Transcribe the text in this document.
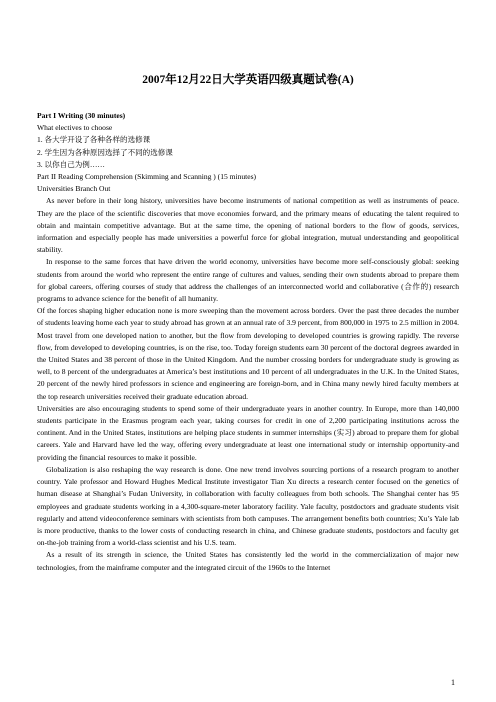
2007年12月22日大学英语四级真题试卷(A)

Part I Writing (30 minutes)

What electives to choose

1. 各大学开设了各种各样的选修课

2. 学生因为各种原因选择了不同的选修课

3. 以你自己为例……

Part II Reading Comprehension (Skimming and Scanning ) (15 minutes)

Universities Branch Out

As never before in their long history, universities have become instruments of national competition as well as instruments of peace. They are the place of the scientific discoveries that move economies forward, and the primary means of educating the talent required to obtain and maintain competitive advantage. But at the same time, the opening of national borders to the flow of goods, services, information and especially people has made universities a powerful force for global integration, mutual understanding and geopolitical stability.

In response to the same forces that have driven the world economy, universities have become more self-consciously global: seeking students from around the world who represent the entire range of cultures and values, sending their own students abroad to prepare them for global careers, offering courses of study that address the challenges of an interconnected world and collaborative (合作的) research programs to advance science for the benefit of all humanity.

Of the forces shaping higher education none is more sweeping than the movement across borders. Over the past three decades the number of students leaving home each year to study abroad has grown at an annual rate of 3.9 percent, from 800,000 in 1975 to 2.5 million in 2004. Most travel from one developed nation to another, but the flow from developing to developed countries is growing rapidly. The reverse flow, from developed to developing countries, is on the rise, too. Today foreign students earn 30 percent of the doctoral degrees awarded in the United States and 38 percent of those in the United Kingdom. And the number crossing borders for undergraduate study is growing as well, to 8 percent of the undergraduates at America’s best institutions and 10 percent of all undergraduates in the U.K. In the United States, 20 percent of the newly hired professors in science and engineering are foreign-born, and in China many newly hired faculty members at the top research universities received their graduate education abroad.

Universities are also encouraging students to spend some of their undergraduate years in another country. In Europe, more than 140,000 students participate in the Erasmus program each year, taking courses for credit in one of 2,200 participating institutions across the continent. And in the United States, institutions are helping place students in summer internships (实习) abroad to prepare them for global careers. Yale and Harvard have led the way, offering every undergraduate at least one international study or internship opportunity-and providing the financial resources to make it possible.

Globalization is also reshaping the way research is done. One new trend involves sourcing portions of a research program to another country. Yale professor and Howard Hughes Medical Institute investigator Tian Xu directs a research center focused on the genetics of human disease at Shanghai’s Fudan University, in collaboration with faculty colleagues from both schools. The Shanghai center has 95 employees and graduate students working in a 4,300-square-meter laboratory facility. Yale faculty, postdoctors and graduate students visit regularly and attend videoconference seminars with scientists from both campuses. The arrangement benefits both countries; Xu’s Yale lab is more productive, thanks to the lower costs of conducting research in china, and Chinese graduate students, postdoctors and faculty get on-the-job training from a world-class scientist and his U.S. team.

As a result of its strength in science, the United States has consistently led the world in the commercialization of major new technologies, from the mainframe computer and the integrated circuit of the 1960s to the Internet

1
